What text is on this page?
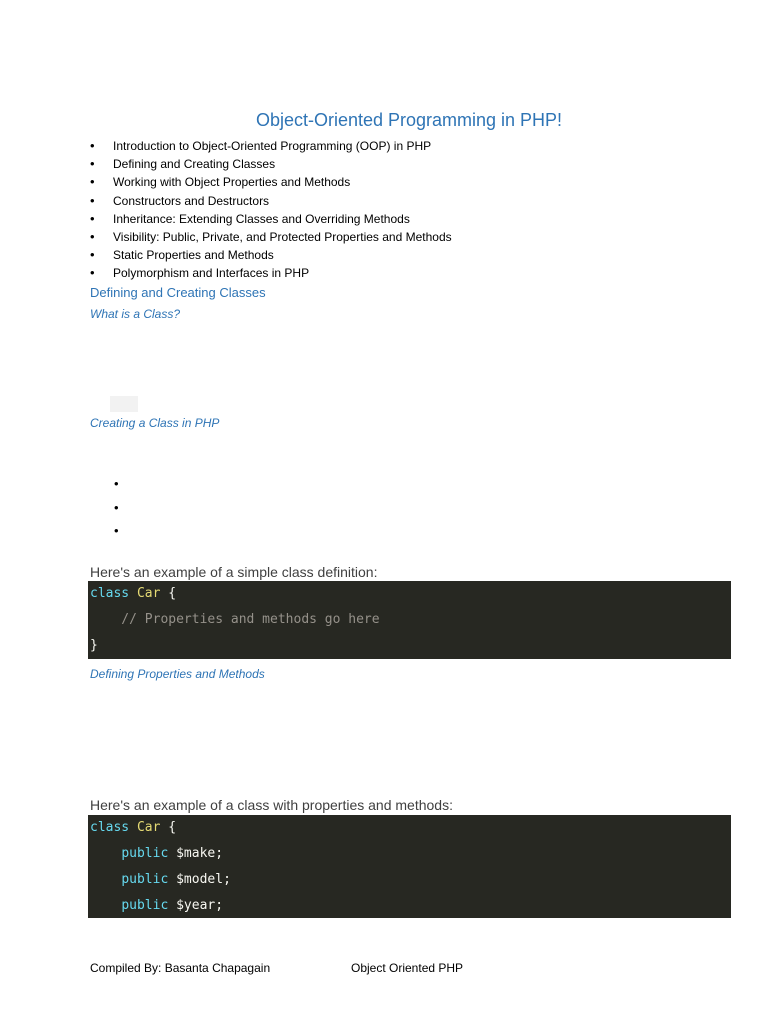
Object-Oriented Programming in PHP!
• Introduction to Object-Oriented Programming (OOP) in PHP
• Defining and Creating Classes
• Working with Object Properties and Methods
• Constructors and Destructors
• Inheritance: Extending Classes and Overriding Methods
• Visibility: Public, Private, and Protected Properties and Methods
• Static Properties and Methods
• Polymorphism and Interfaces in PHP
Defining and Creating Classes
What is a Class?
Creating a Class in PHP
•
•
•
Here's an example of a simple class definition:
class Car {
// Properties and methods go here
}
Defining Properties and Methods
Here's an example of a class with properties and methods:
class Car {
public $make;
public $model;
public $year;
Compiled By: Basanta Chapagain	Object Oriented PHP
